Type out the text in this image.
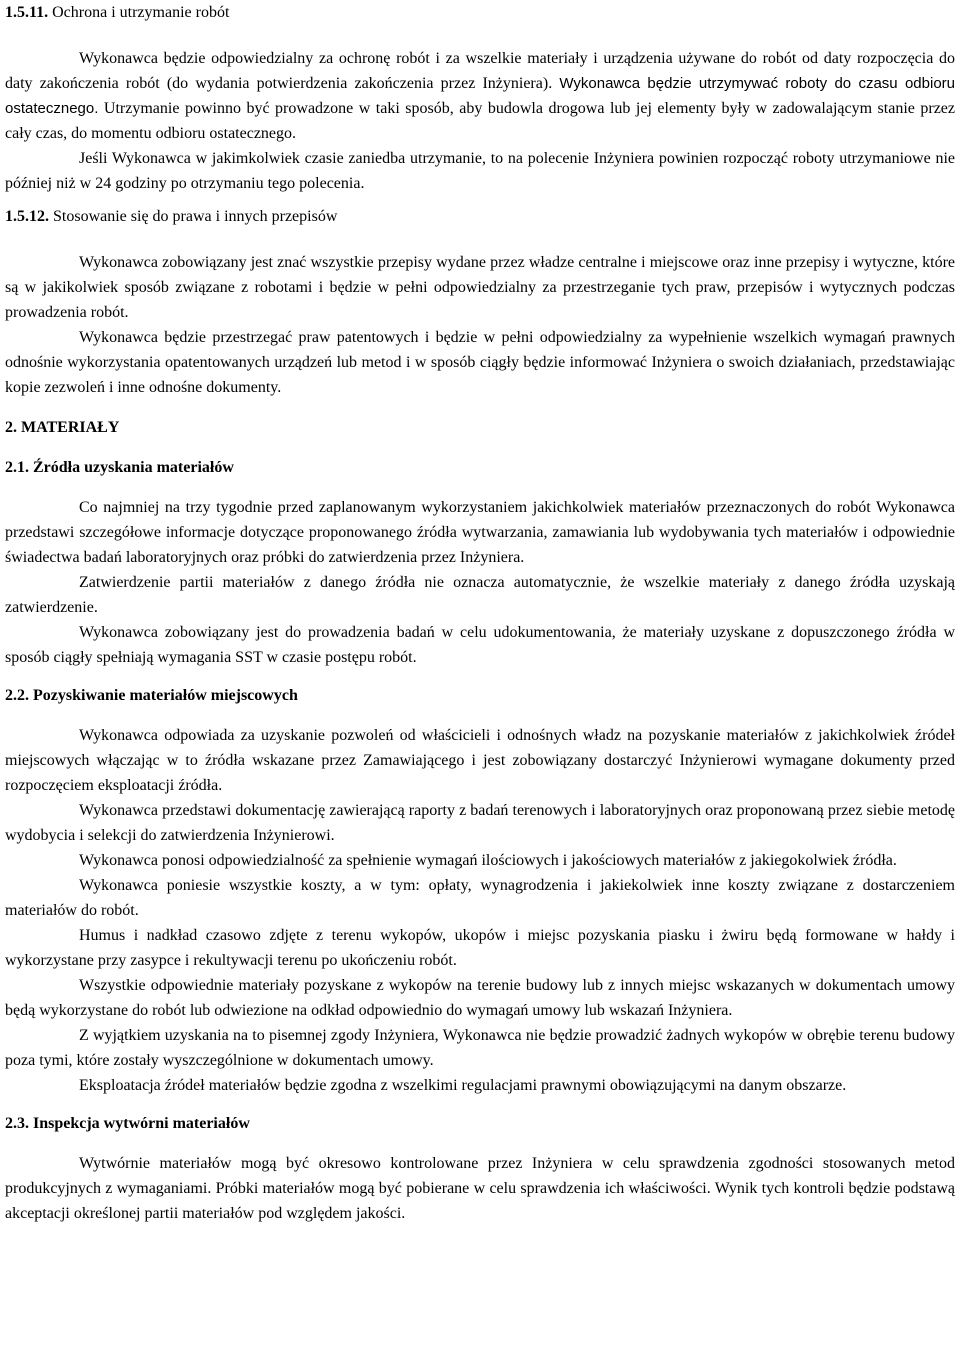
1.5.11. Ochrona i utrzymanie robót

Wykonawca będzie odpowiedzialny za ochronę robót i za wszelkie materiały i urządzenia używane do robót od daty rozpoczęcia do daty zakończenia robót (do wydania potwierdzenia zakończenia przez Inżyniera). Wykonawca będzie utrzymywać roboty do czasu odbioru ostatecznego. Utrzymanie powinno być prowadzone w taki sposób, aby budowla drogowa lub jej elementy były w zadowalającym stanie przez cały czas, do momentu odbioru ostatecznego.

Jeśli Wykonawca w jakimkolwiek czasie zaniedba utrzymanie, to na polecenie Inżyniera powinien rozpocząć roboty utrzymaniowe nie później niż w 24 godziny po otrzymaniu tego polecenia.

1.5.12. Stosowanie się do prawa i innych przepisów

Wykonawca zobowiązany jest znać wszystkie przepisy wydane przez władze centralne i miejscowe oraz inne przepisy i wytyczne, które są w jakikolwiek sposób związane z robotami i będzie w pełni odpowiedzialny za przestrzeganie tych praw, przepisów i wytycznych podczas prowadzenia robót.

Wykonawca będzie przestrzegać praw patentowych i będzie w pełni odpowiedzialny za wypełnienie wszelkich wymagań prawnych odnośnie wykorzystania opatentowanych urządzeń lub metod i w sposób ciągły będzie informować Inżyniera o swoich działaniach, przedstawiając kopie zezwoleń i inne odnośne dokumenty.

2. MATERIAŁY
2.1. Źródła uzyskania materiałów

Co najmniej na trzy tygodnie przed zaplanowanym wykorzystaniem jakichkolwiek materiałów przeznaczonych do robót Wykonawca przedstawi szczegółowe informacje dotyczące proponowanego źródła wytwarzania, zamawiania lub wydobywania tych materiałów i odpowiednie świadectwa badań laboratoryjnych oraz próbki do zatwierdzenia przez Inżyniera.

Zatwierdzenie partii materiałów z danego źródła nie oznacza automatycznie, że wszelkie materiały z danego źródła uzyskają zatwierdzenie.

Wykonawca zobowiązany jest do prowadzenia badań w celu udokumentowania, że materiały uzyskane z dopuszczonego źródła w sposób ciągły spełniają wymagania SST w czasie postępu robót.

2.2. Pozyskiwanie materiałów miejscowych

Wykonawca odpowiada za uzyskanie pozwoleń od właścicieli i odnośnych władz na pozyskanie materiałów z jakichkolwiek źródeł miejscowych włączając w to źródła wskazane przez Zamawiającego i jest zobowiązany dostarczyć Inżynierowi wymagane dokumenty przed rozpoczęciem eksploatacji źródła.

Wykonawca przedstawi dokumentację zawierającą raporty z badań terenowych i laboratoryjnych oraz proponowaną przez siebie metodę wydobycia i selekcji do zatwierdzenia Inżynierowi.

Wykonawca ponosi odpowiedzialność za spełnienie wymagań ilościowych i jakościowych materiałów z jakiegokolwiek źródła.

Wykonawca poniesie wszystkie koszty, a w tym: opłaty, wynagrodzenia i jakiekolwiek inne koszty związane z dostarczeniem materiałów do robót.

Humus i nadkład czasowo zdjęte z terenu wykopów, ukopów i miejsc pozyskania piasku i żwiru będą formowane w hałdy i wykorzystane przy zasypce i rekultywacji terenu po ukończeniu robót.

Wszystkie odpowiednie materiały pozyskane z wykopów na terenie budowy lub z innych miejsc wskazanych w dokumentach umowy będą wykorzystane do robót lub odwiezione na odkład odpowiednio do wymagań umowy lub wskazań Inżyniera.

Z wyjątkiem uzyskania na to pisemnej zgody Inżyniera, Wykonawca nie będzie prowadzić żadnych wykopów w obrębie terenu budowy poza tymi, które zostały wyszczególnione w dokumentach umowy.

Eksploatacja źródeł materiałów będzie zgodna z wszelkimi regulacjami prawnymi obowiązującymi na danym obszarze.

2.3. Inspekcja wytwórni materiałów

Wytwórnie materiałów mogą być okresowo kontrolowane przez Inżyniera w celu sprawdzenia zgodności stosowanych metod produkcyjnych z wymaganiami. Próbki materiałów mogą być pobierane w celu sprawdzenia ich właściwości. Wynik tych kontroli będzie podstawą akceptacji określonej partii materiałów pod względem jakości.
